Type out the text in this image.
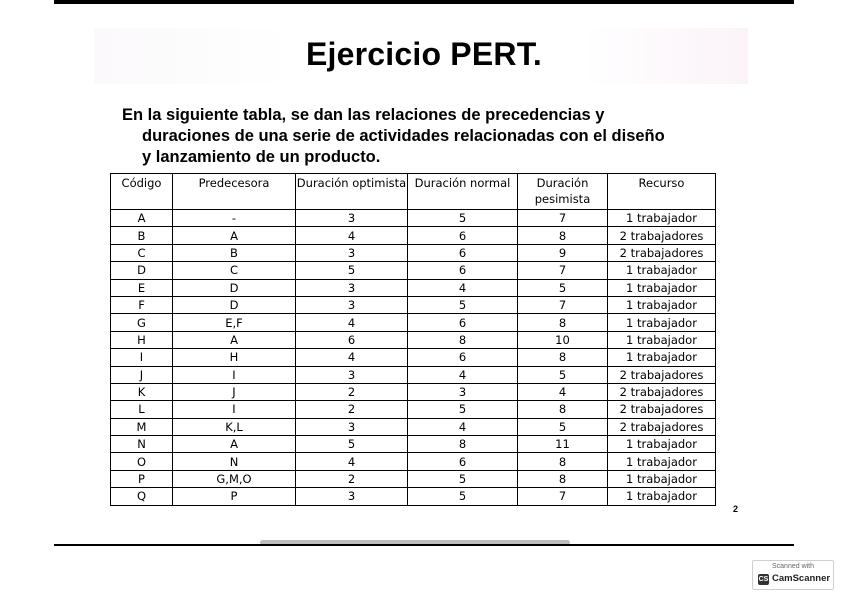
Ejercicio PERT.
En la siguiente tabla, se dan las relaciones de precedencias y
duraciones de una serie de actividades relacionadas con el diseño
y lanzamiento de un producto.
Código	Predecesora	Duración optimista	Duración normal	Duración pesimista	Recurso
A	-	3	5	7	1 trabajador
B	A	4	6	8	2 trabajadores
C	B	3	6	9	2 trabajadores
D	C	5	6	7	1 trabajador
E	D	3	4	5	1 trabajador
F	D	3	5	7	1 trabajador
G	E,F	4	6	8	1 trabajador
H	A	6	8	10	1 trabajador
I	H	4	6	8	1 trabajador
J	I	3	4	5	2 trabajadores
K	J	2	3	4	2 trabajadores
L	I	2	5	8	2 trabajadores
M	K,L	3	4	5	2 trabajadores
N	A	5	8	11	1 trabajador
O	N	4	6	8	1 trabajador
P	G,M,O	2	5	8	1 trabajador
Q	P	3	5	7	1 trabajador
2
Scanned with
CS CamScanner
